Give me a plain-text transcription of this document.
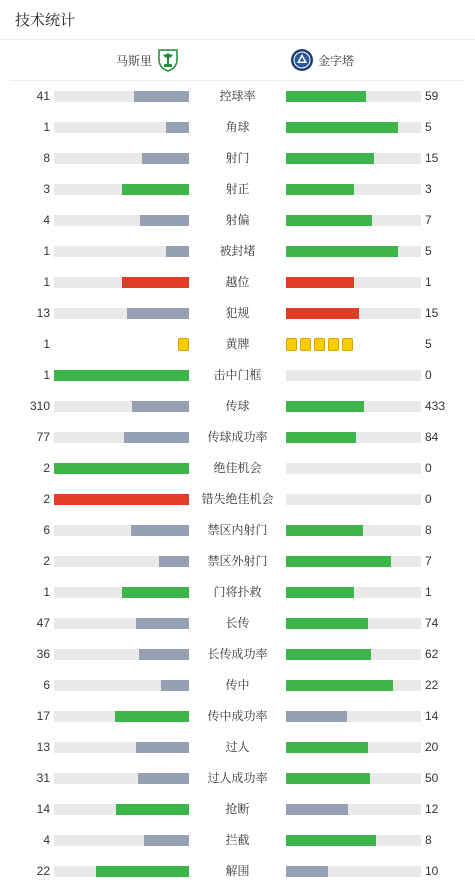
技术统计
马斯里	金字塔
41	控球率	59
1	角球	5
8	射门	15
3	射正	3
4	射偏	7
1	被封堵	5
1	越位	1
13	犯规	15
1	黄牌	5
1	击中门框	0
310	传球	433
77	传球成功率	84
2	绝佳机会	0
2	错失绝佳机会	0
6	禁区内射门	8
2	禁区外射门	7
1	门将扑救	1
47	长传	74
36	长传成功率	62
6	传中	22
17	传中成功率	14
13	过人	20
31	过人成功率	50
14	抢断	12
4	拦截	8
22	解围	10
